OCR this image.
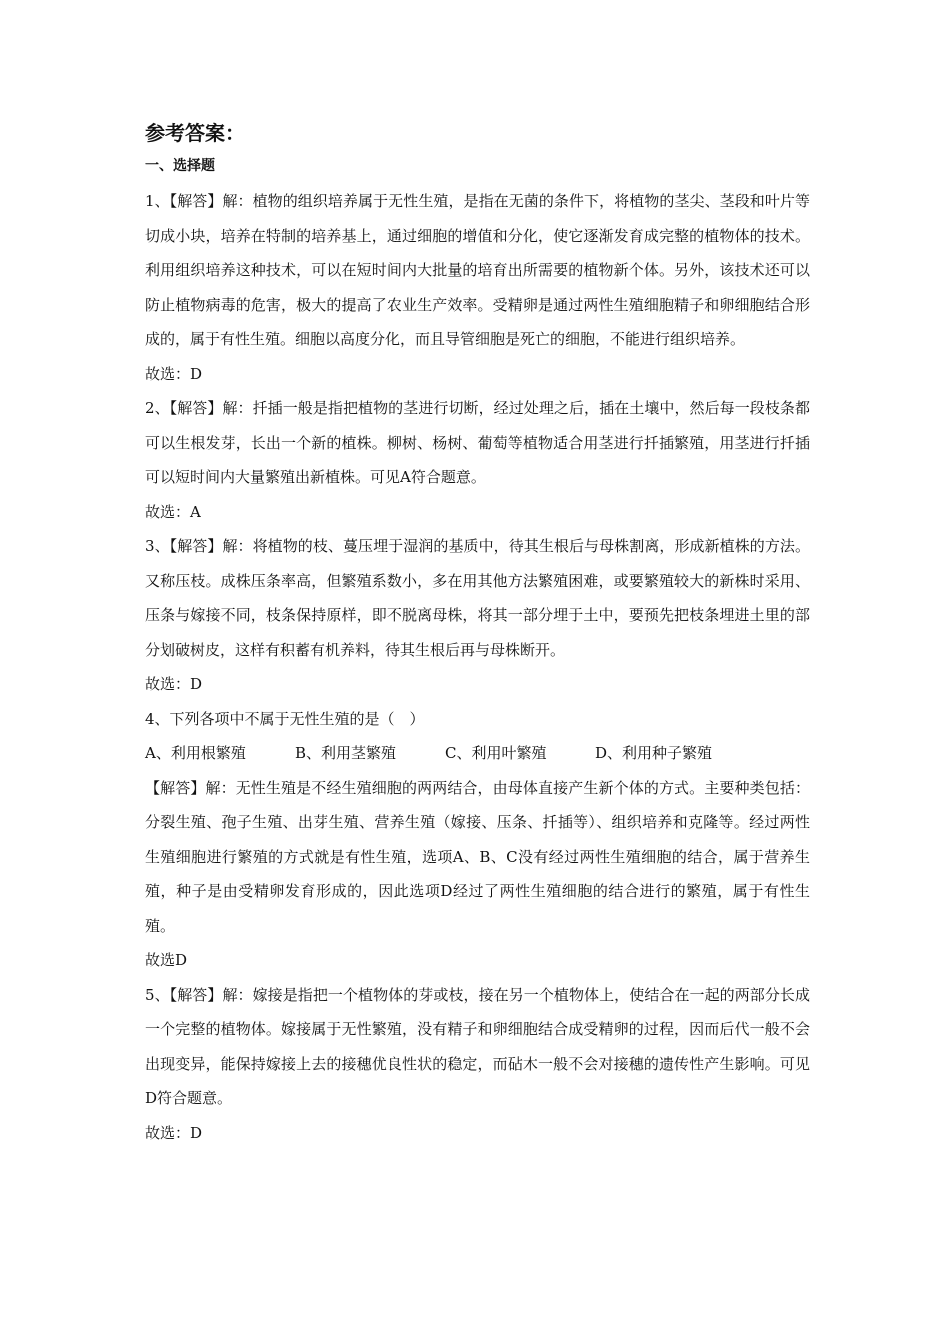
参考答案：
一、选择题

1、【解答】解：植物的组织培养属于无性生殖，是指在无菌的条件下，将植物的茎尖、茎段和叶片等切成小块，培养在特制的培养基上，通过细胞的增值和分化，使它逐渐发育成完整的植物体的技术。利用组织培养这种技术，可以在短时间内大批量的培育出所需要的植物新个体。另外，该技术还可以防止植物病毒的危害，极大的提高了农业生产效率。受精卵是通过两性生殖细胞精子和卵细胞结合形成的，属于有性生殖。细胞以高度分化，而且导管细胞是死亡的细胞，不能进行组织培养。

故选：D

2、【解答】解：扦插一般是指把植物的茎进行切断，经过处理之后，插在土壤中，然后每一段枝条都可以生根发芽，长出一个新的植株。柳树、杨树、葡萄等植物适合用茎进行扦插繁殖，用茎进行扦插可以短时间内大量繁殖出新植株。可见A符合题意。

故选：A

3、【解答】解：将植物的枝、蔓压埋于湿润的基质中，待其生根后与母株割离，形成新植株的方法。又称压枝。成株压条率高，但繁殖系数小，多在用其他方法繁殖困难，或要繁殖较大的新株时采用、压条与嫁接不同，枝条保持原样，即不脱离母株，将其一部分埋于土中，要预先把枝条埋进土里的部分划破树皮，这样有积蓄有机养料，待其生根后再与母株断开。

故选：D

4、下列各项中不属于无性生殖的是（　）

A、利用根繁殖	B、利用茎繁殖	C、利用叶繁殖	D、利用种子繁殖

【解答】解：无性生殖是不经生殖细胞的两两结合，由母体直接产生新个体的方式。主要种类包括：分裂生殖、孢子生殖、出芽生殖、营养生殖（嫁接、压条、扦插等）、组织培养和克隆等。经过两性生殖细胞进行繁殖的方式就是有性生殖，选项A、B、C没有经过两性生殖细胞的结合，属于营养生殖，种子是由受精卵发育形成的，因此选项D经过了两性生殖细胞的结合进行的繁殖，属于有性生殖。

故选D

5、【解答】解：嫁接是指把一个植物体的芽或枝，接在另一个植物体上，使结合在一起的两部分长成一个完整的植物体。嫁接属于无性繁殖，没有精子和卵细胞结合成受精卵的过程，因而后代一般不会出现变异，能保持嫁接上去的接穗优良性状的稳定，而砧木一般不会对接穗的遗传性产生影响。可见D符合题意。

故选：D
